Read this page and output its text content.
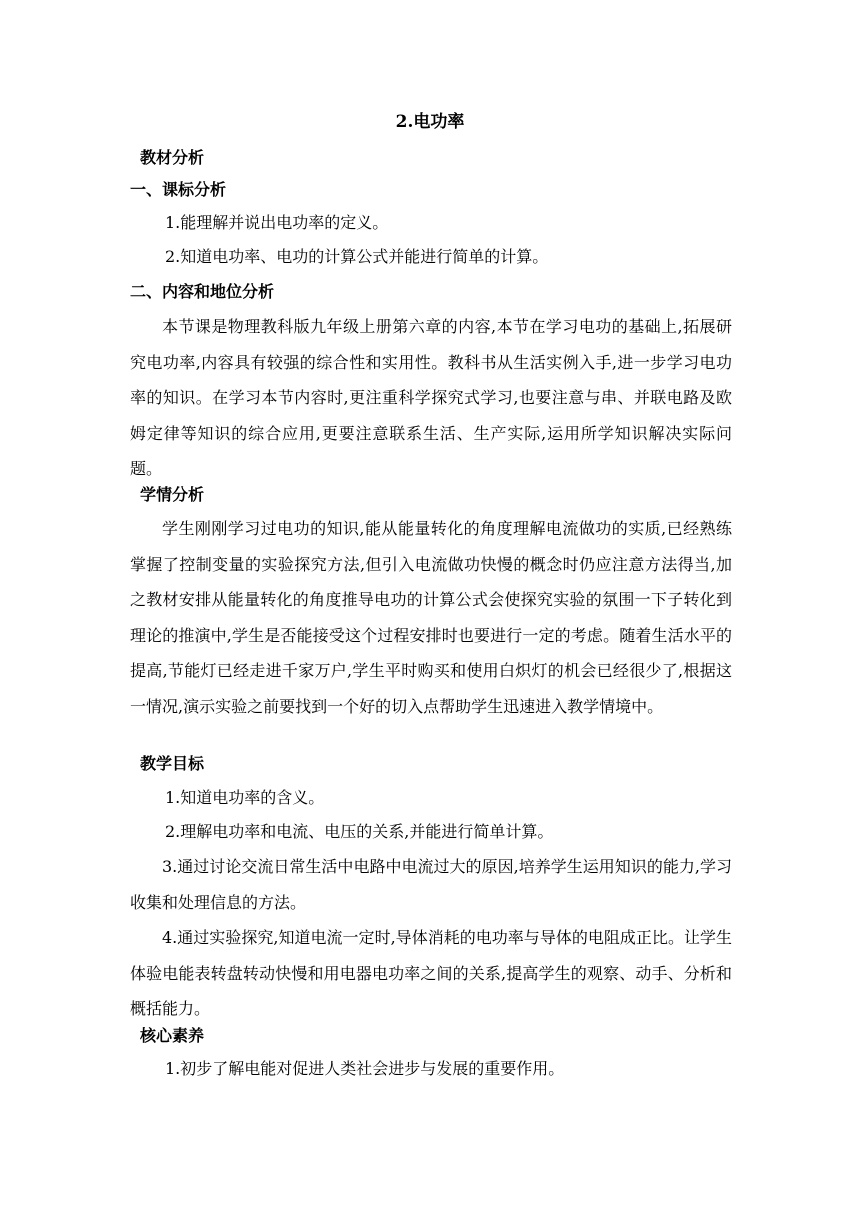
2.电功率
教材分析
一、课标分析
1.能理解并说出电功率的定义。
2.知道电功率、电功的计算公式并能进行简单的计算。
二、内容和地位分析
本节课是物理教科版九年级上册第六章的内容,本节在学习电功的基础上,拓展研究电功率,内容具有较强的综合性和实用性。教科书从生活实例入手,进一步学习电功率的知识。在学习本节内容时,更注重科学探究式学习,也要注意与串、并联电路及欧姆定律等知识的综合应用,更要注意联系生活、生产实际,运用所学知识解决实际问题。
学情分析
学生刚刚学习过电功的知识,能从能量转化的角度理解电流做功的实质,已经熟练掌握了控制变量的实验探究方法,但引入电流做功快慢的概念时仍应注意方法得当,加之教材安排从能量转化的角度推导电功的计算公式会使探究实验的氛围一下子转化到理论的推演中,学生是否能接受这个过程安排时也要进行一定的考虑。随着生活水平的提高,节能灯已经走进千家万户,学生平时购买和使用白炽灯的机会已经很少了,根据这一情况,演示实验之前要找到一个好的切入点帮助学生迅速进入教学情境中。
教学目标
1.知道电功率的含义。
2.理解电功率和电流、电压的关系,并能进行简单计算。
3.通过讨论交流日常生活中电路中电流过大的原因,培养学生运用知识的能力,学习收集和处理信息的方法。
4.通过实验探究,知道电流一定时,导体消耗的电功率与导体的电阻成正比。让学生体验电能表转盘转动快慢和用电器电功率之间的关系,提高学生的观察、动手、分析和概括能力。
核心素养
1.初步了解电能对促进人类社会进步与发展的重要作用。
